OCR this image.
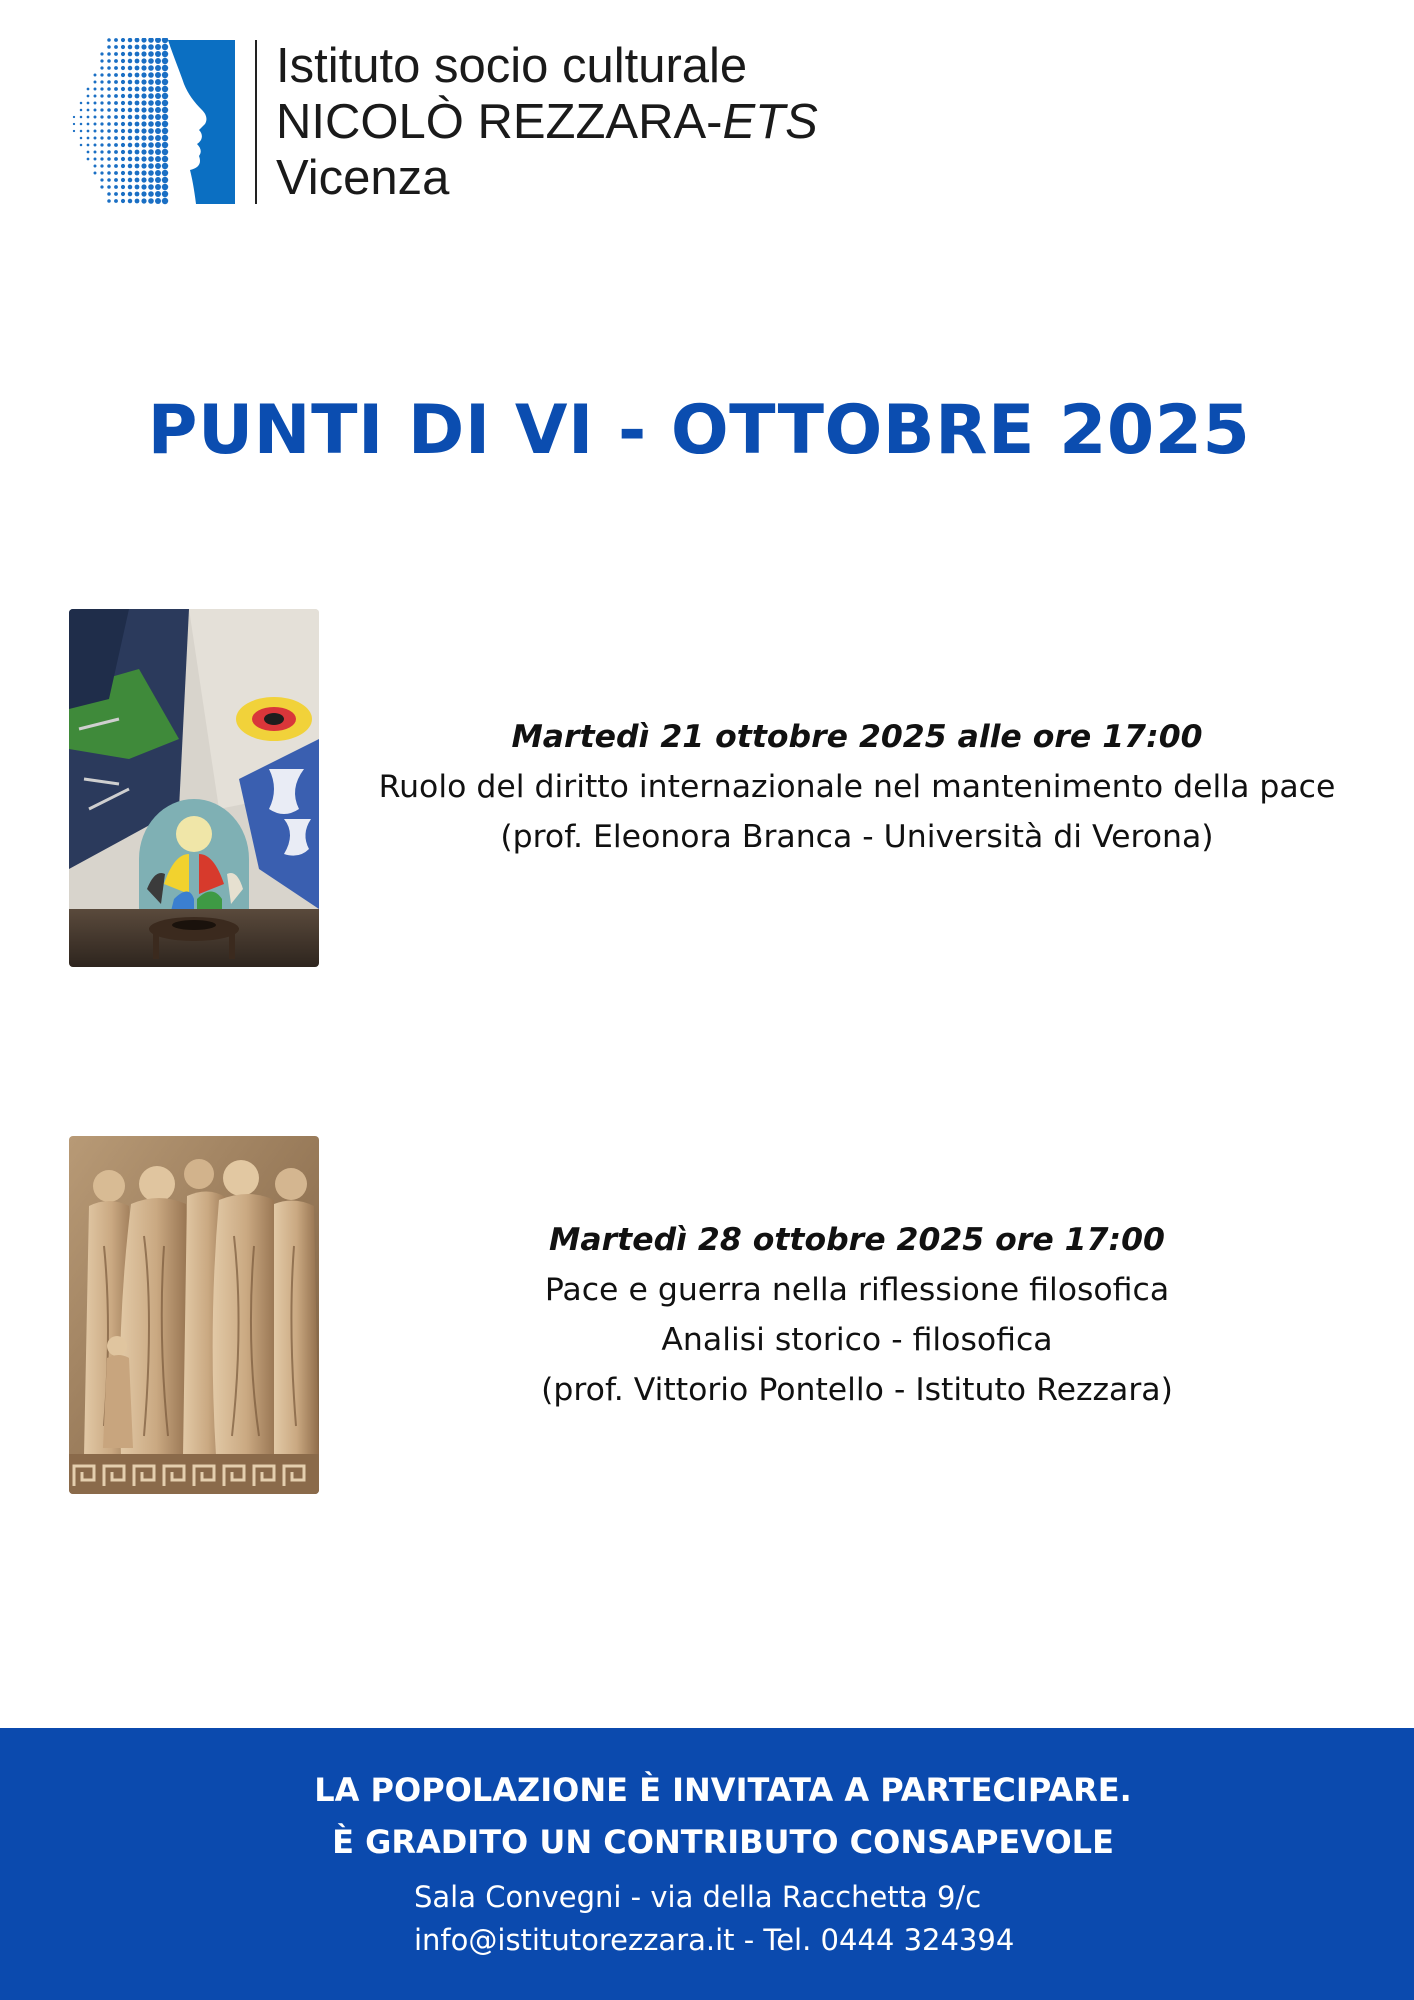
Istituto socio culturale
NICOLÒ REZZARA-ETS
Vicenza
PUNTI DI VI - OTTOBRE 2025
Martedì 21 ottobre 2025 alle ore 17:00
Ruolo del diritto internazionale nel mantenimento della pace
(prof. Eleonora Branca - Università di Verona)
Martedì 28 ottobre 2025 ore 17:00
Pace e guerra nella riflessione filosofica
Analisi storico - filosofica
(prof. Vittorio Pontello - Istituto Rezzara)
LA POPOLAZIONE È INVITATA A PARTECIPARE.
È GRADITO UN CONTRIBUTO CONSAPEVOLE
Sala Convegni - via della Racchetta 9/c
info@istitutorezzara.it - Tel. 0444 324394
